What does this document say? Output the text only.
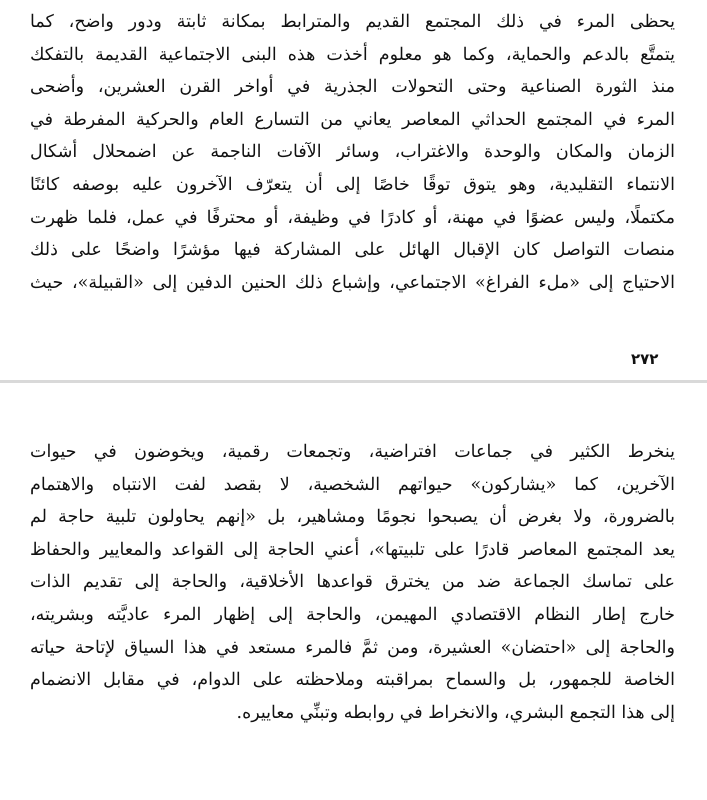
يحظى المرء في ذلك المجتمع القديم والمترابط بمكانة ثابتة ودور واضح، كما
يتمتَّع بالدعم والحماية، وكما هو معلوم أخذت هذه البنى الاجتماعية القديمة بالتفكك
منذ الثورة الصناعية وحتى التحولات الجذرية في أواخر القرن العشرين، وأضحى
المرء في المجتمع الحداثي المعاصر يعاني من التسارع العام والحركية المفرطة في
الزمان والمكان والوحدة والاغتراب، وسائر الآفات الناجمة عن اضمحلال أشكال
الانتماء التقليدية، وهو يتوق توقًا خاصًا إلى أن يتعرّف الآخرون عليه بوصفه كائنًا
مكتملًا، وليس عضوًا في مهنة، أو كادرًا في وظيفة، أو محترفًا في عمل، فلما ظهرت
منصات التواصل كان الإقبال الهائل على المشاركة فيها مؤشرًا واضحًا على ذلك
الاحتياج إلى «ملء الفراغ» الاجتماعي، وإشباع ذلك الحنين الدفين إلى «القبيلة»، حيث
٢٧٢
ينخرط الكثير في جماعات افتراضية، وتجمعات رقمية، ويخوضون في حيوات
الآخرين، كما «يشاركون» حيواتهم الشخصية، لا بقصد لفت الانتباه والاهتمام
بالضرورة، ولا بغرض أن يصبحوا نجومًا ومشاهير، بل «إنهم يحاولون تلبية حاجة لم
يعد المجتمع المعاصر قادرًا على تلبيتها»، أعني الحاجة إلى القواعد والمعايير والحفاظ
على تماسك الجماعة ضد من يخترق قواعدها الأخلاقية، والحاجة إلى تقديم الذات
خارج إطار النظام الاقتصادي المهيمن، والحاجة إلى إظهار المرء عاديَّته وبشريته،
والحاجة إلى «احتضان» العشيرة، ومن ثمَّ فالمرء مستعد في هذا السياق لإتاحة حياته
الخاصة للجمهور، بل والسماح بمراقبته وملاحظته على الدوام، في مقابل الانضمام
إلى هذا التجمع البشري، والانخراط في روابطه وتبنِّي معاييره.
